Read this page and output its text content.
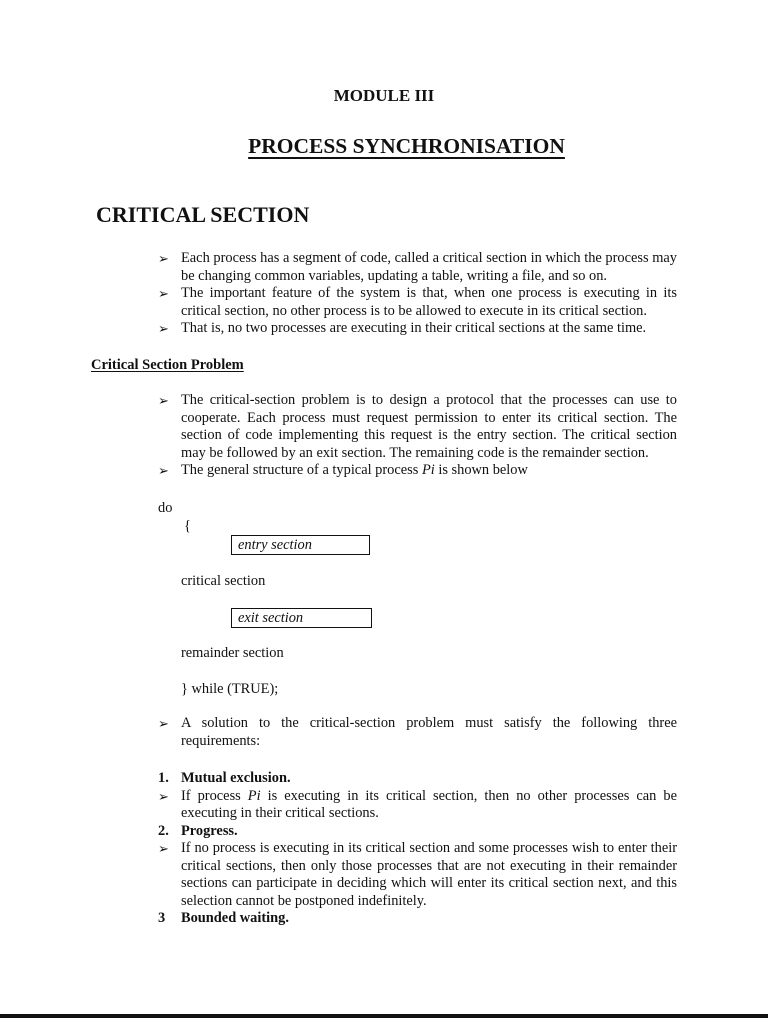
MODULE III
PROCESS SYNCHRONISATION
CRITICAL SECTION
➢ Each process has a segment of code, called a critical section in which the process may be changing common variables, updating a table, writing a file, and so on.
➢ The important feature of the system is that, when one process is executing in its critical section, no other process is to be allowed to execute in its critical section.
➢ That is, no two processes are executing in their critical sections at the same time.
Critical Section Problem
➢ The critical-section problem is to design a protocol that the processes can use to cooperate. Each process must request permission to enter its critical section. The section of code implementing this request is the entry section. The critical section may be followed by an exit section. The remaining code is the remainder section.
➢ The general structure of a typical process Pi is shown below
do
{
entry section
critical section
exit section
remainder section
} while (TRUE);
➢ A solution to the critical-section problem must satisfy the following three requirements:
1. Mutual exclusion.
➢ If process Pi is executing in its critical section, then no other processes can be executing in their critical sections.
2. Progress.
➢ If no process is executing in its critical section and some processes wish to enter their critical sections, then only those processes that are not executing in their remainder sections can participate in deciding which will enter its critical section next, and this selection cannot be postponed indefinitely.
3 Bounded waiting.
